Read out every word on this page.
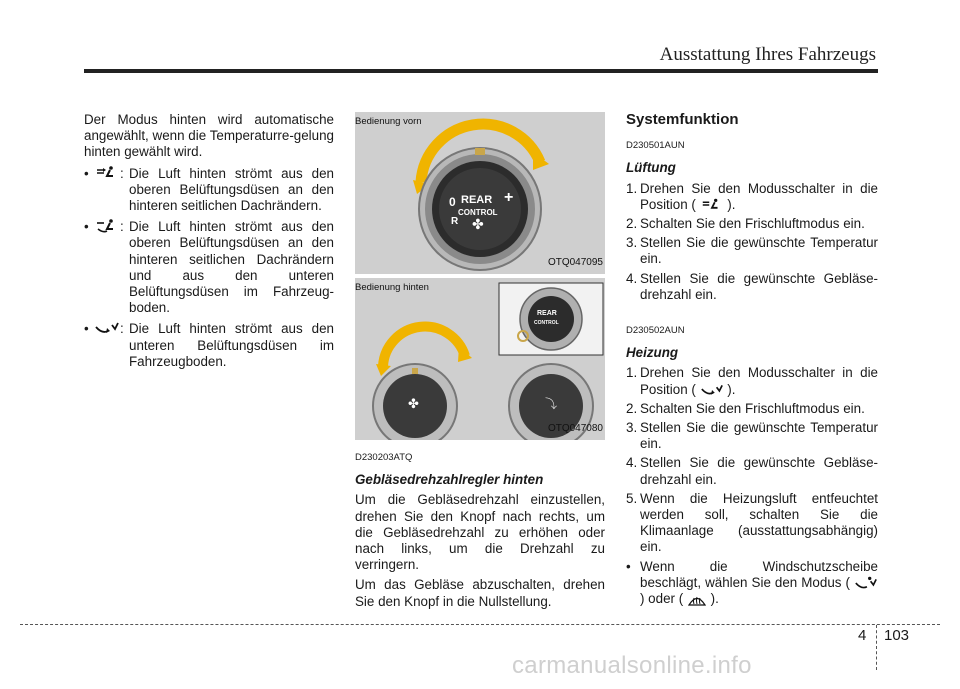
Ausstattung Ihres Fahrzeugs

Der Modus hinten wird automatische angewählt, wenn die Temperaturre-gelung hinten gewählt wird.

•	: Die Luft hinten strömt aus den oberen Belüftungsdüsen an den hinteren seitlichen Dachrändern.
•	: Die Luft hinten strömt aus den oberen Belüftungsdüsen an den hinteren seitlichen Dachrändern und aus den unteren Belüftungsdüsen im Fahrzeug-boden.
•	: Die Luft hinten strömt aus den unteren Belüftungsdüsen im Fahrzeugboden.
Bedienung vorn
REAR
CONTROL
0	+
R ✤
OTQ047095
Bedienung hinten
REAR
CONTROL
✤	⤵
OTQ047080
D230203ATQ
Gebläsedrehzahlregler hinten

Um die Gebläsedrehzahl einzustellen, drehen Sie den Knopf nach rechts, um die Gebläsedrehzahl zu erhöhen oder nach links, um die Drehzahl zu verringern.

Um das Gebläse abzuschalten, drehen Sie den Knopf in die Nullstellung.

Systemfunktion
D230501AUN
Lüftung
1. Drehen Sie den Modusschalter in die Position (  ).
2. Schalten Sie den Frischluftmodus ein.
3. Stellen Sie die gewünschte Temperatur ein.
4. Stellen Sie die gewünschte Gebläse-drehzahl ein.
D230502AUN
Heizung
1. Drehen Sie den Modusschalter in die Position (  ).
2. Schalten Sie den Frischluftmodus ein.
3. Stellen Sie die gewünschte Temperatur ein.
4. Stellen Sie die gewünschte Gebläse-drehzahl ein.
5. Wenn die Heizungsluft entfeuchtet werden soll, schalten Sie die Klimaanlage (ausstattungsabhängig) ein.
• Wenn die Windschutzscheibe beschlägt, wählen Sie den Modus (  ) oder (  ).
4 103
carmanualsonline.info
